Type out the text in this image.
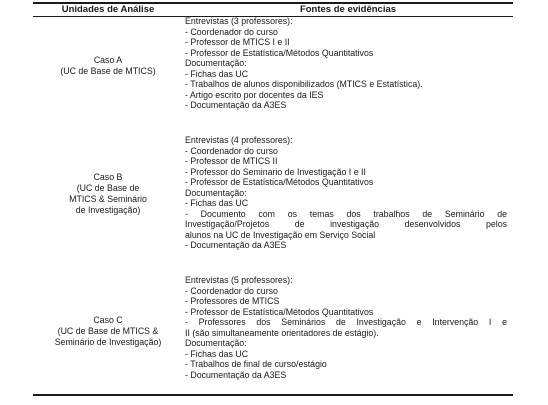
Unidades de Análise	Fontes de evidências
Caso A
(UC de Base de MTICS)
Entrevistas (3 professores):
- Coordenador do curso
- Professor de MTICS I e II
- Professor de Estatística/Métodos Quantitativos
Documentação:
- Fichas das UC
- Trabalhos de alunos disponibilizados (MTICS e Estatística).
- Artigo escrito por docentes da IES
- Documentação da A3ES
Caso B
(UC de Base de
MTICS & Seminário
de Investigação)
Entrevistas (4 professores):
- Coordenador do curso
- Professor de MTICS II
- Professor do Seminario de Investigação I e II
- Professor de Estatística/Métodos Quantitativos
Documentação:
- Fichas das UC
- Documento com os temas dos trabalhos de Seminário de
Investigação/Projetos de investigação desenvolvidos pelos
alunos na UC de Investigação em Serviço Social
- Documentação da A3ES
Caso C
(UC de Base de MTICS &
Seminário de Investigação)
Entrevistas (5 professores):
- Coordenador do curso
- Professores de MTICS
- Professor de Estatística/Métodos Quantitativos
- Professores dos Seminários de Investigação e Intervenção I e
II (são simultaneamente orientadores de estágio).
Documentação:
- Fichas das UC
- Trabalhos de final de curso/estágio
- Documentação da A3ES
